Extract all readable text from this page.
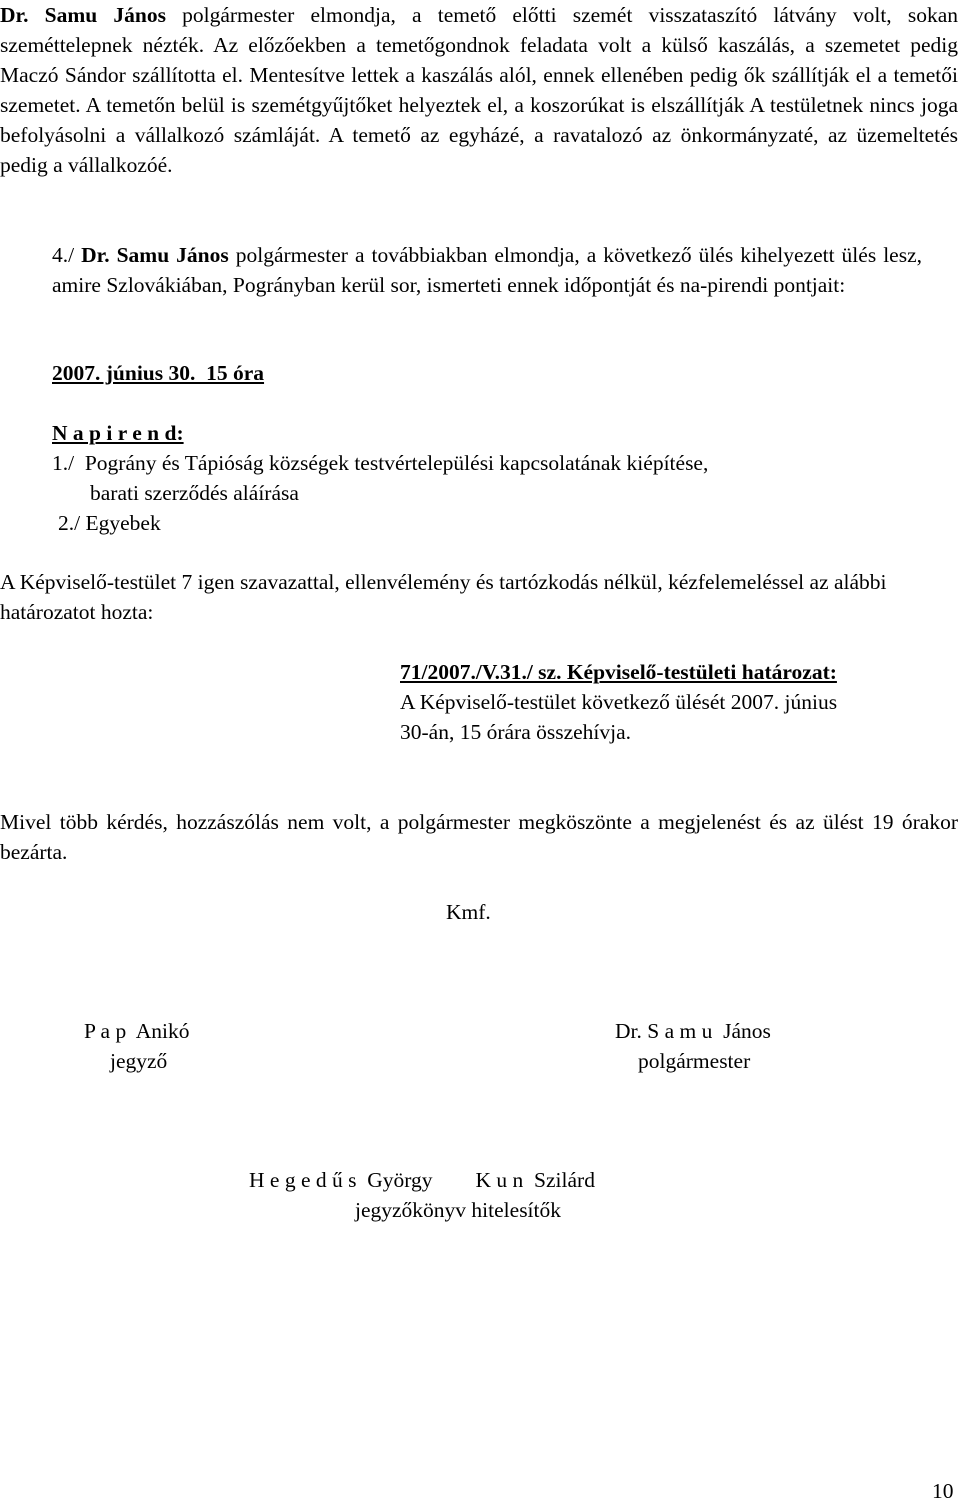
Dr. Samu János polgármester elmondja, a temető előtti szemét visszataszító látvány volt, sokan szeméttelepnek nézték. Az előzőekben a temetőgondnok feladata volt a külső kaszálás, a szemetet pedig Maczó Sándor szállította el. Mentesítve lettek a kaszálás alól, ennek ellenében pedig ők szállítják el a temetői szemetet. A temetőn belül is szemétgyűjtőket helyeztek el, a koszorúkat is elszállítják A testületnek nincs joga befolyásolni a vállalkozó számláját. A temető az egyházé, a ravatalozó az önkormányzaté, az üzemeltetés pedig a vállalkozóé.
4./ Dr. Samu János polgármester a továbbiakban elmondja, a következő ülés kihelyezett ülés lesz, amire Szlovákiában, Pogrányban kerül sor, ismerteti ennek időpontját és na-pirendi pontjait:
2007. június 30.  15 óra
N a p i r e n d:
1./  Pográny és Tápióság községek testvértelepülési kapcsolatának kiépítése,
barati szerződés aláírása
2./ Egyebek
A Képviselő-testület 7 igen szavazattal, ellenvélemény és tartózkodás nélkül, kézfelemeléssel az alábbi határozatot hozta:
71/2007./V.31./ sz. Képviselő-testületi határozat:
A Képviselő-testület következő ülését 2007. június
30-án, 15 órára összehívja.
Mivel több kérdés, hozzászólás nem volt, a polgármester megköszönte a megjelenést és az ülést 19 órakor bezárta.
Kmf.
P a p  Anikó
jegyző
Dr. S a m u  János
polgármester
H e g e d ű s  György        K u n  Szilárd
jegyzőkönyv hitelesítők
10
